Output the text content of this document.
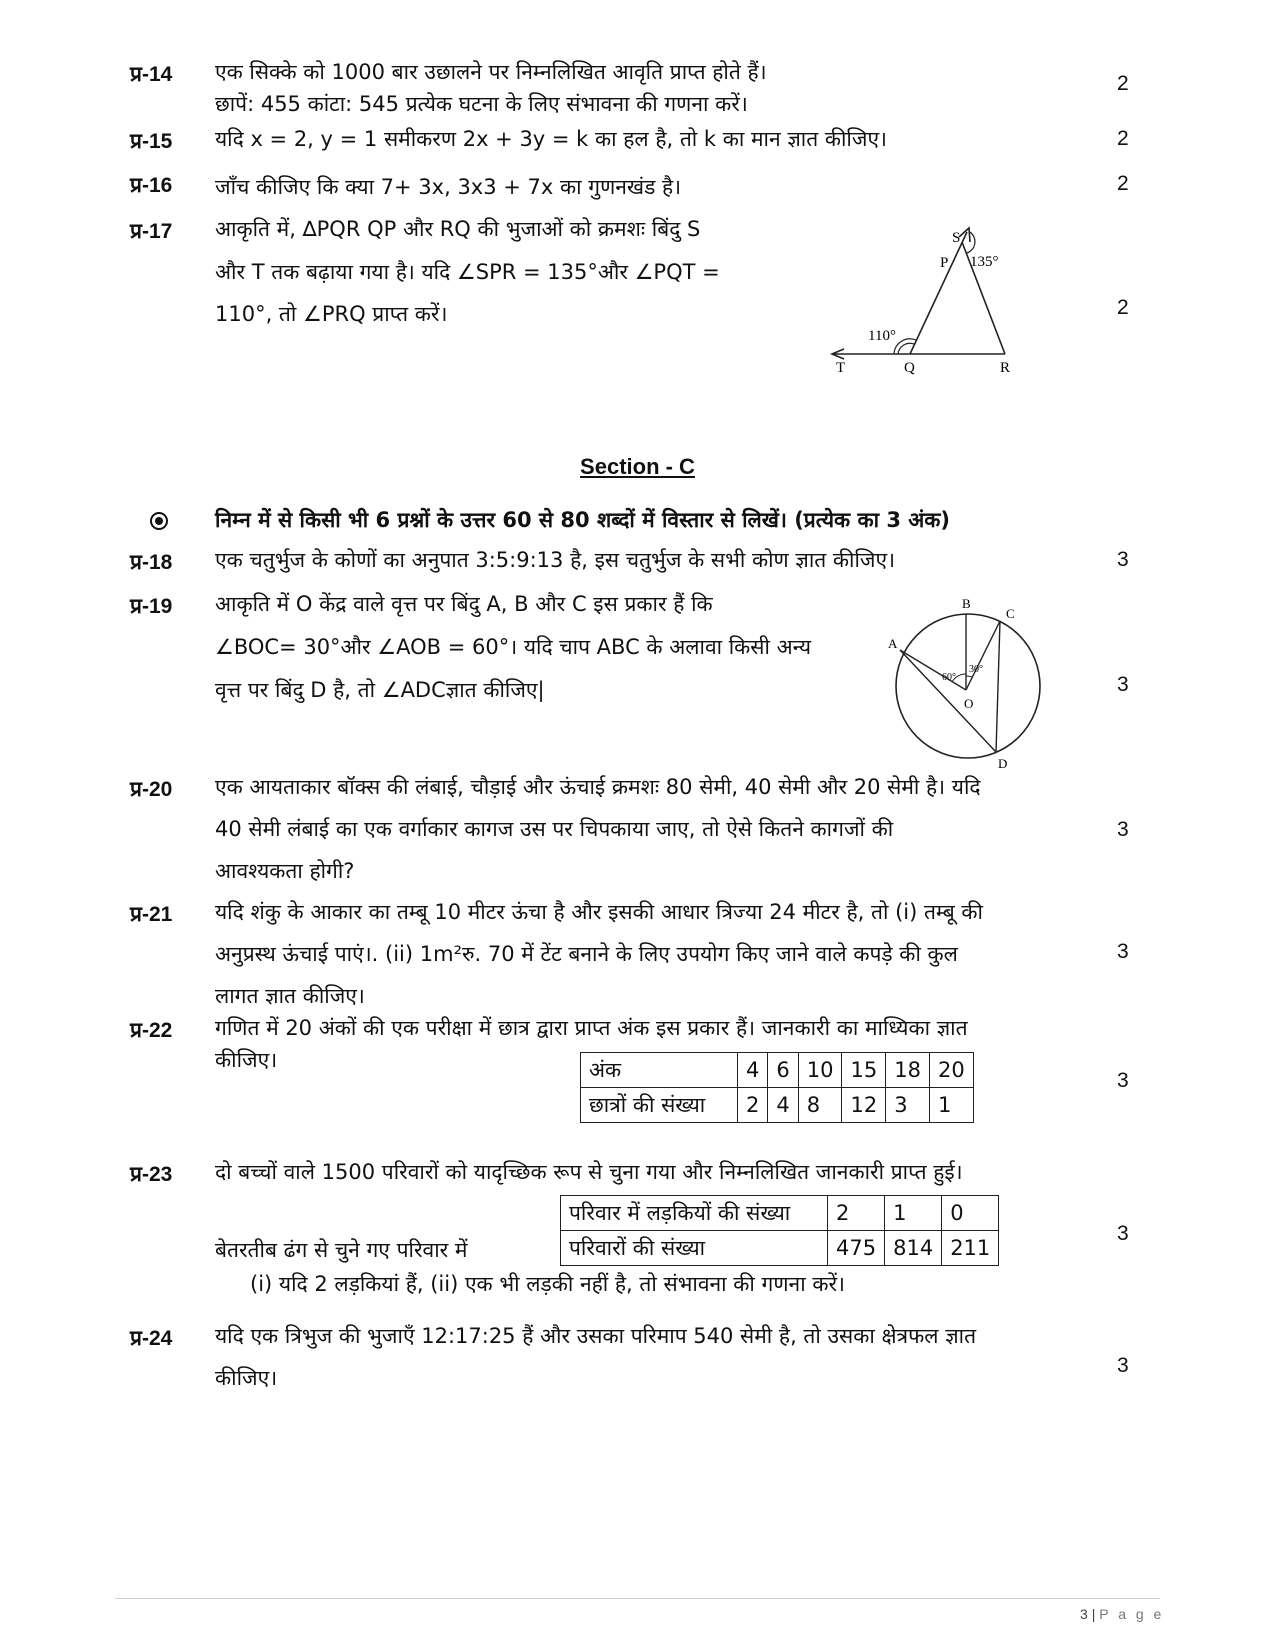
प्र-14 एक सिक्के को 1000 बार उछालने पर निम्नलिखित आवृति प्राप्त होते हैं।
छापें: 455 कांटा: 545 प्रत्येक घटना के लिए संभावना की गणना करें।
2
प्र-15 यदि x = 2, y = 1 समीकरण 2x + 3y = k का हल है, तो k का मान ज्ञात कीजिए।	2
प्र-16 जाँच कीजिए कि क्या 7+ 3x, 3x3 + 7x का गुणनखंड है।	2
प्र-17 आकृति में, ∆PQR QP और RQ की भुजाओं को क्रमशः बिंदु S
और T तक बढ़ाया गया है। यदि ∠SPR = 135°और ∠PQT =
110°, तो ∠PRQ प्राप्त करें।	2
S
P 135°
110°
T	Q	R
Section - C
निम्न में से किसी भी 6 प्रश्नों के उत्तर 60 से 80 शब्दों में विस्तार से लिखें। (प्रत्येक का 3 अंक)
प्र-18 एक चतुर्भुज के कोणों का अनुपात 3:5:9:13 है, इस चतुर्भुज के सभी कोण ज्ञात कीजिए।	3
प्र-19 आकृति में O केंद्र वाले वृत्त पर बिंदु A, B और C इस प्रकार हैं कि
∠BOC= 30°और ∠AOB = 60°। यदि चाप ABC के अलावा किसी अन्य
वृत्त पर बिंदु D है, तो ∠ADCज्ञात कीजिए|	3
B
C
A
O
D
60°
30°
प्र-20 एक आयताकार बॉक्स की लंबाई, चौड़ाई और ऊंचाई क्रमशः 80 सेमी, 40 सेमी और 20 सेमी है। यदि
40 सेमी लंबाई का एक वर्गाकार कागज उस पर चिपकाया जाए, तो ऐसे कितने कागजों की
आवश्यकता होगी?
3
प्र-21 यदि शंकु के आकार का तम्बू 10 मीटर ऊंचा है और इसकी आधार त्रिज्या 24 मीटर है, तो (i) तम्बू की
अनुप्रस्थ ऊंचाई पाएं।. (ii) 1m²रु. 70 में टेंट बनाने के लिए उपयोग किए जाने वाले कपड़े की कुल
लागत ज्ञात कीजिए।
3
प्र-22 गणित में 20 अंकों की एक परीक्षा में छात्र द्वारा प्राप्त अंक इस प्रकार हैं। जानकारी का माध्यिका ज्ञात
कीजिए।
3
अंक	4	6	10	15	18	20
छात्रों की संख्या	2	4	8	12	3	1
प्र-23 दो बच्चों वाले 1500 परिवारों को यादृच्छिक रूप से चुना गया और निम्नलिखित जानकारी प्राप्त हुई।
बेतरतीब ढंग से चुने गए परिवार में
(i) यदि 2 लड़कियां हैं, (ii) एक भी लड़की नहीं है, तो संभावना की गणना करें।
3
परिवार में लड़कियों की संख्या	2	1	0
परिवारों की संख्या	475	814	211
प्र-24 यदि एक त्रिभुज की भुजाएँ 12:17:25 हैं और उसका परिमाप 540 सेमी है, तो उसका क्षेत्रफल ज्ञात
कीजिए।
3
3 | P a g e
